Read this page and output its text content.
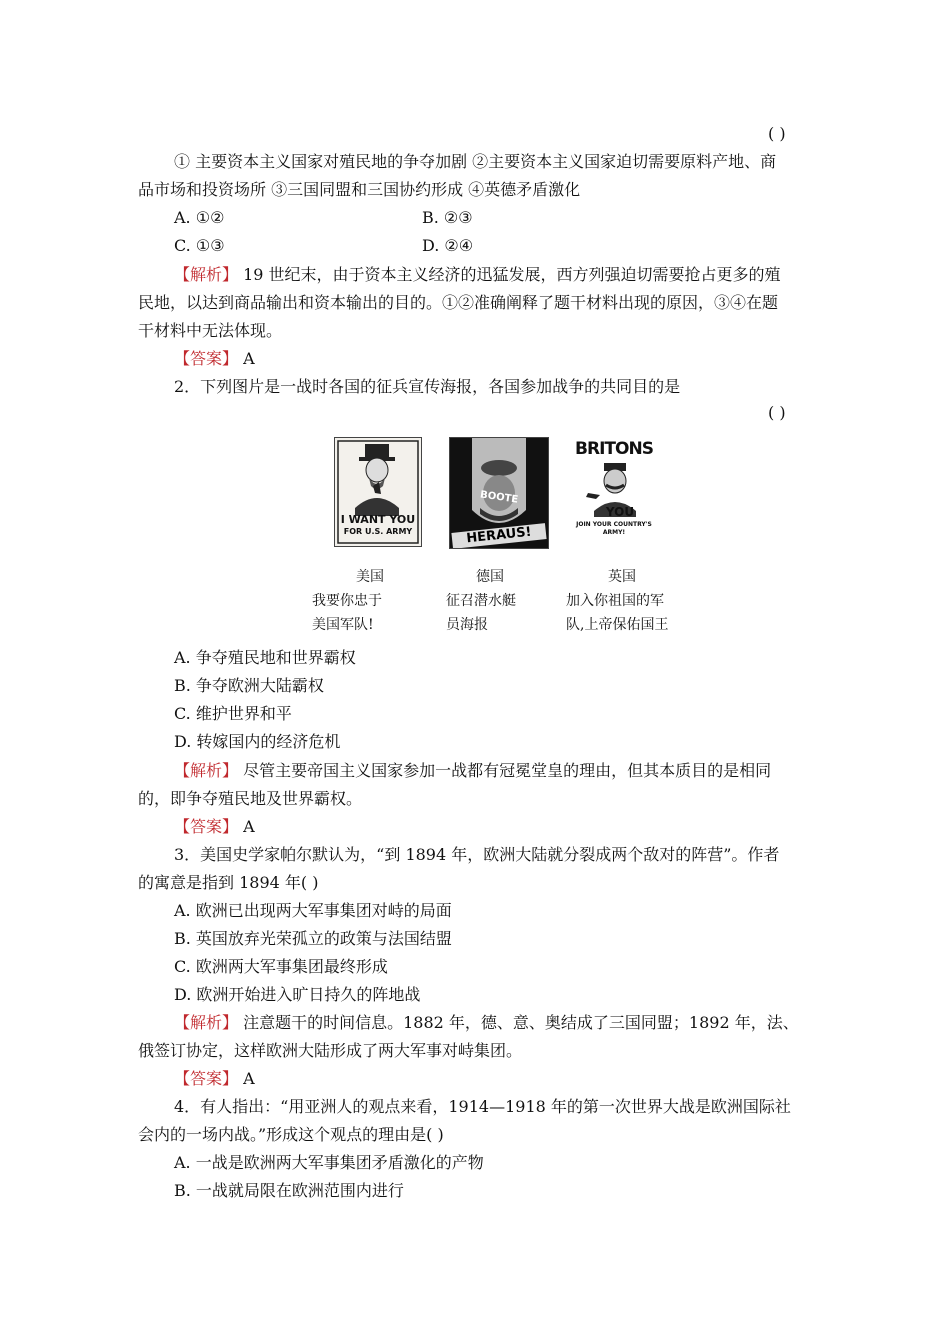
( )
① 主要资本主义国家对殖民地的争夺加剧 ②主要资本主义国家迫切需要原料产地、商
品市场和投资场所 ③三国同盟和三国协约形成 ④英德矛盾激化
A. ①②	B. ②③
C. ①③	D. ②④
【解析】 19 世纪末，由于资本主义经济的迅猛发展，西方列强迫切需要抢占更多的殖
民地，以达到商品输出和资本输出的目的。①②准确阐释了题干材料出现的原因，③④在题
干材料中无法体现。
【答案】 A
2．下列图片是一战时各国的征兵宣传海报，各国参加战争的共同目的是
( )
I WANT YOU
FOR U.S. ARMY
BOOTE
HERAUS!
BRITONS
YOU
JOIN YOUR COUNTRY'S ARMY!
美国
我要你忠于
美国军队!
德国
征召潜水艇
员海报
英国
加入你祖国的军
队,上帝保佑国王
A. 争夺殖民地和世界霸权
B. 争夺欧洲大陆霸权
C. 维护世界和平
D. 转嫁国内的经济危机
【解析】 尽管主要帝国主义国家参加一战都有冠冕堂皇的理由，但其本质目的是相同
的，即争夺殖民地及世界霸权。
【答案】 A
3．美国史学家帕尔默认为，“到 1894 年，欧洲大陆就分裂成两个敌对的阵营”。作者
的寓意是指到 1894 年( )
A. 欧洲已出现两大军事集团对峙的局面
B. 英国放弃光荣孤立的政策与法国结盟
C. 欧洲两大军事集团最终形成
D. 欧洲开始进入旷日持久的阵地战
【解析】 注意题干的时间信息。1882 年，德、意、奥结成了三国同盟；1892 年，法、
俄签订协定，这样欧洲大陆形成了两大军事对峙集团。
【答案】 A
4．有人指出：“用亚洲人的观点来看，1914—1918 年的第一次世界大战是欧洲国际社
会内的一场内战。”形成这个观点的理由是( )
A. 一战是欧洲两大军事集团矛盾激化的产物
B. 一战就局限在欧洲范围内进行
